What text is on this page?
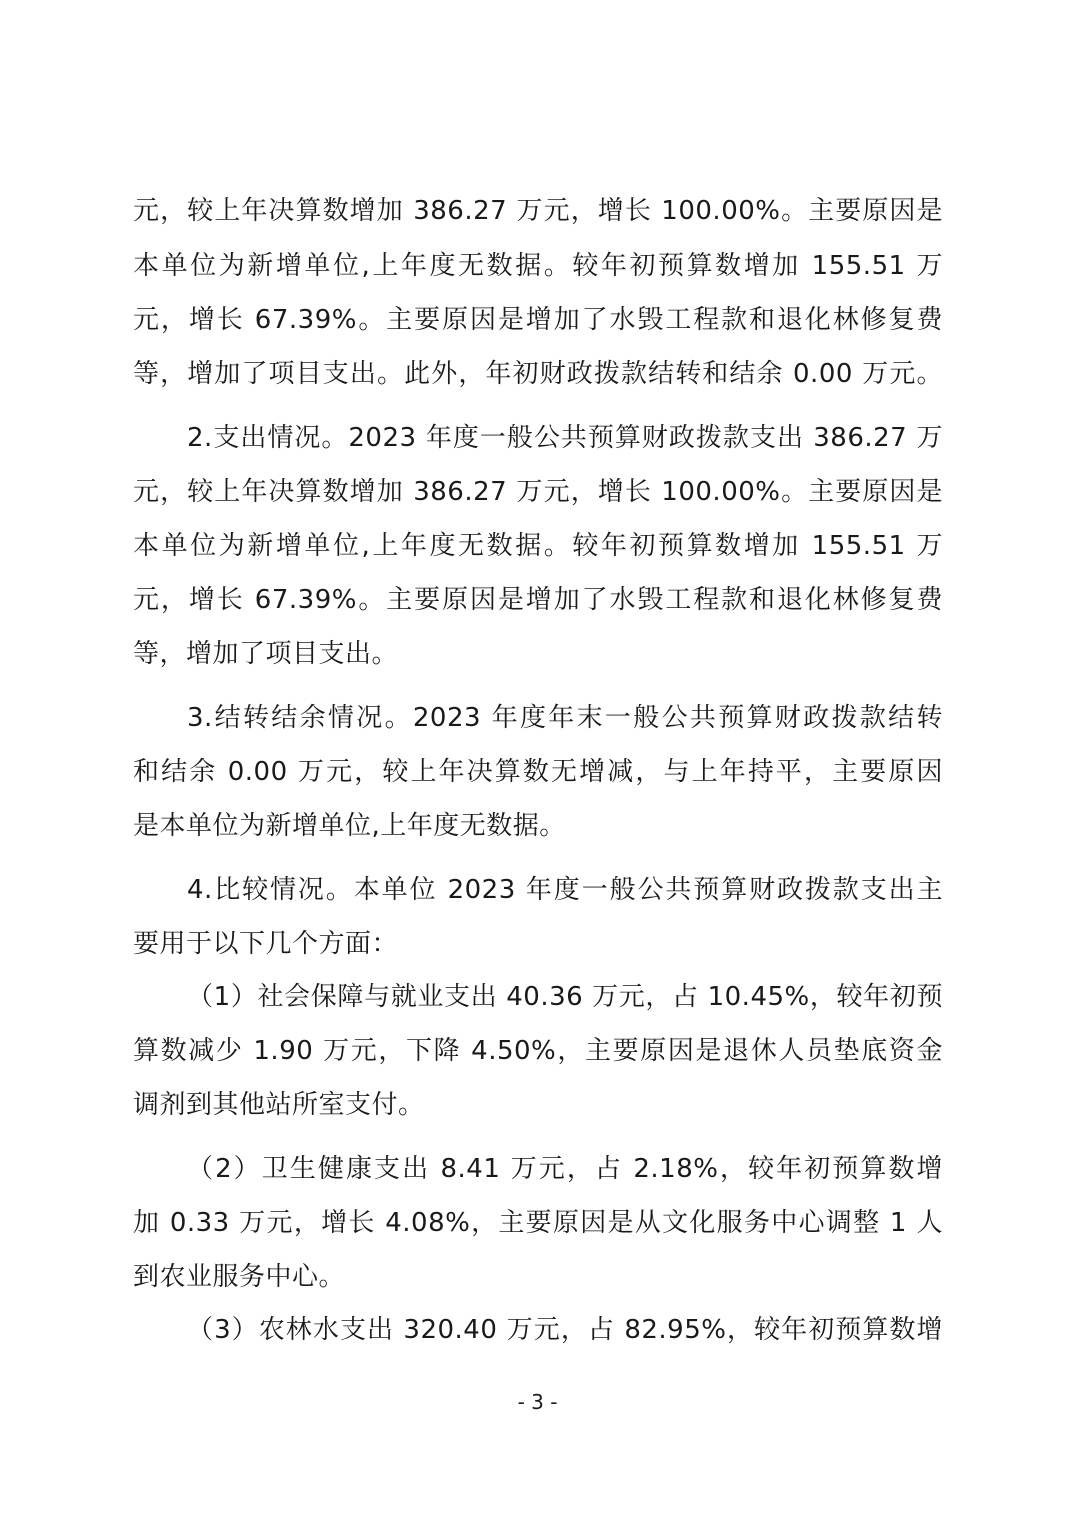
元，较上年决算数增加 386.27 万元，增长 100.00%。主要原因是
本单位为新增单位,上年度无数据。较年初预算数增加 155.51 万
元，增长 67.39%。主要原因是增加了水毁工程款和退化林修复费
等，增加了项目支出。此外，年初财政拨款结转和结余 0.00 万元。
2.支出情况。2023 年度一般公共预算财政拨款支出 386.27 万
元，较上年决算数增加 386.27 万元，增长 100.00%。主要原因是
本单位为新增单位,上年度无数据。较年初预算数增加 155.51 万
元，增长 67.39%。主要原因是增加了水毁工程款和退化林修复费
等，增加了项目支出。
3.结转结余情况。2023 年度年末一般公共预算财政拨款结转
和结余 0.00 万元，较上年决算数无增减，与上年持平，主要原因
是本单位为新增单位,上年度无数据。
4.比较情况。本单位 2023 年度一般公共预算财政拨款支出主
要用于以下几个方面：
（1）社会保障与就业支出 40.36 万元，占 10.45%，较年初预
算数减少 1.90 万元，下降 4.50%，主要原因是退休人员垫底资金
调剂到其他站所室支付。
（2）卫生健康支出 8.41 万元，占 2.18%，较年初预算数增
加 0.33 万元，增长 4.08%，主要原因是从文化服务中心调整 1 人
到农业服务中心。
（3）农林水支出 320.40 万元，占 82.95%，较年初预算数增
- 3 -
